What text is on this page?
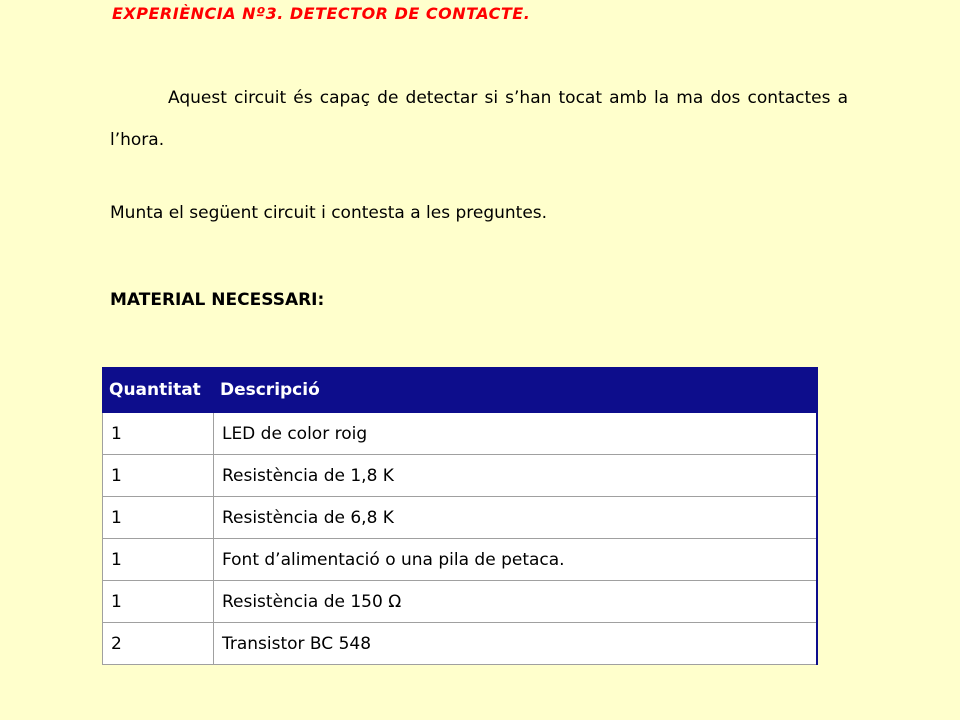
EXPERIÈNCIA Nº3. DETECTOR DE CONTACTE.
Aquest circuit és capaç de detectar si s’han tocat amb la ma dos contactes a l’hora.
Munta el següent circuit i contesta a les preguntes.
MATERIAL NECESSARI:
Quantitat	Descripció
1	LED de color roig
1	Resistència de 1,8 K
1	Resistència de 6,8 K
1	Font d’alimentació o una pila de petaca.
1	Resistència de 150 Ω
2	Transistor BC 548
